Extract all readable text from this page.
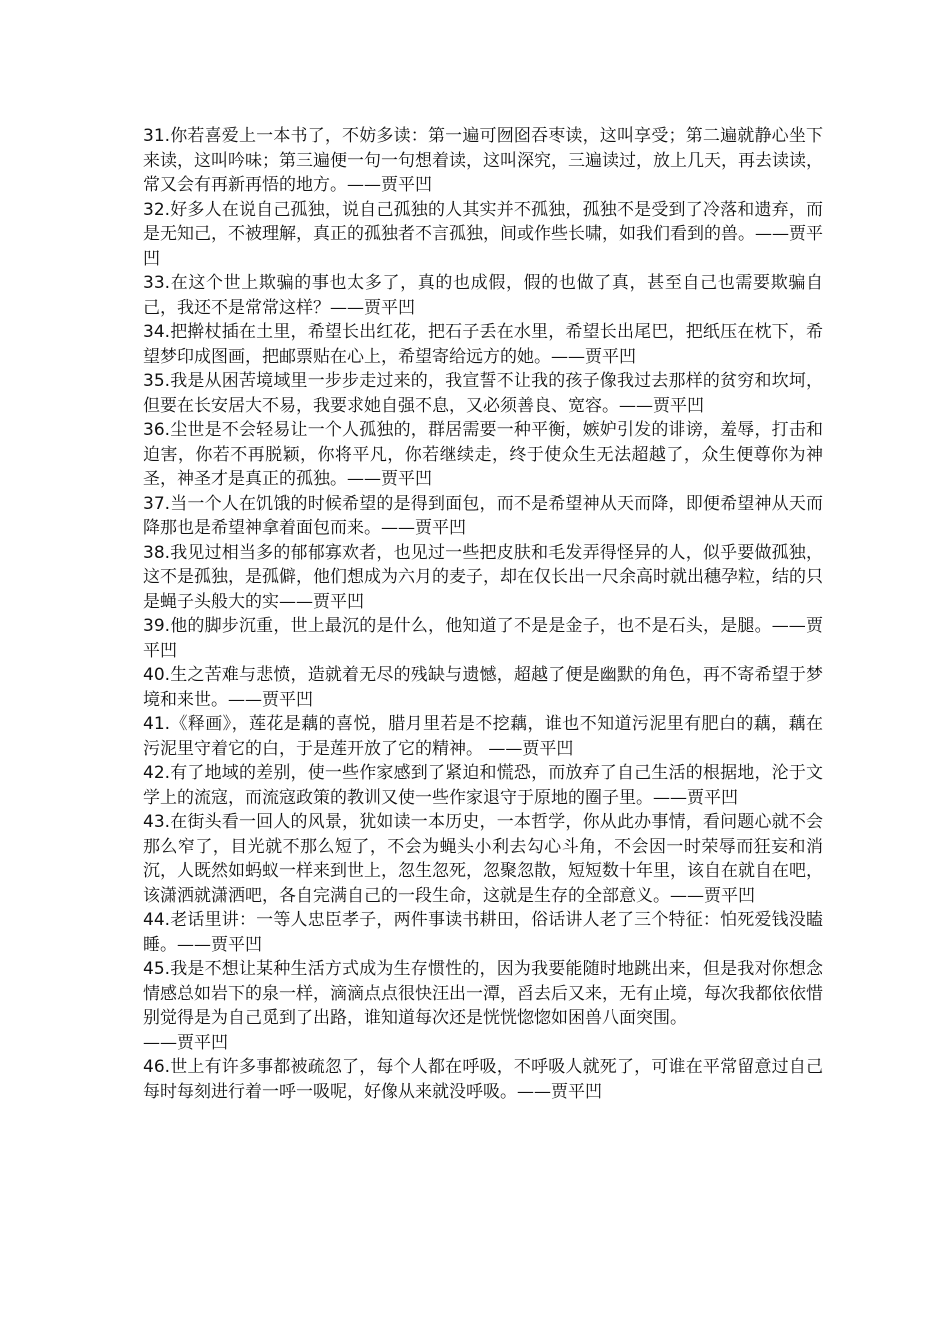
31.你若喜爱上一本书了，不妨多读：第一遍可囫囵吞枣读，这叫享受；第二遍就静心坐下来读，这叫吟味；第三遍便一句一句想着读，这叫深究，三遍读过，放上几天，再去读读，常又会有再新再悟的地方。——贾平凹

32.好多人在说自己孤独，说自己孤独的人其实并不孤独，孤独不是受到了冷落和遗弃，而是无知己，不被理解，真正的孤独者不言孤独，间或作些长啸，如我们看到的兽。——贾平凹

33.在这个世上欺骗的事也太多了，真的也成假，假的也做了真，甚至自己也需要欺骗自己，我还不是常常这样？——贾平凹

34.把擀杖插在土里，希望长出红花，把石子丢在水里，希望长出尾巴，把纸压在枕下，希望梦印成图画，把邮票贴在心上，希望寄给远方的她。——贾平凹

35.我是从困苦境域里一步步走过来的，我宣誓不让我的孩子像我过去那样的贫穷和坎坷，但要在长安居大不易，我要求她自强不息，又必须善良、宽容。——贾平凹

36.尘世是不会轻易让一个人孤独的，群居需要一种平衡，嫉妒引发的诽谤，羞辱，打击和迫害，你若不再脱颖，你将平凡，你若继续走，终于使众生无法超越了，众生便尊你为神圣，神圣才是真正的孤独。——贾平凹

37.当一个人在饥饿的时候希望的是得到面包，而不是希望神从天而降，即便希望神从天而降那也是希望神拿着面包而来。——贾平凹

38.我见过相当多的郁郁寡欢者，也见过一些把皮肤和毛发弄得怪异的人，似乎要做孤独，这不是孤独，是孤僻，他们想成为六月的麦子，却在仅长出一尺余高时就出穗孕粒，结的只是蝇子头般大的实——贾平凹

39.他的脚步沉重，世上最沉的是什么，他知道了不是是金子，也不是石头，是腿。——贾平凹

40.生之苦难与悲愤，造就着无尽的残缺与遗憾，超越了便是幽默的角色，再不寄希望于梦境和来世。——贾平凹

41.《释画》，莲花是藕的喜悦，腊月里若是不挖藕，谁也不知道污泥里有肥白的藕，藕在污泥里守着它的白，于是莲开放了它的精神。 ——贾平凹

42.有了地域的差别，使一些作家感到了紧迫和慌恐，而放弃了自己生活的根据地，沦于文学上的流寇，而流寇政策的教训又使一些作家退守于原地的圈子里。——贾平凹

43.在街头看一回人的风景，犹如读一本历史，一本哲学，你从此办事情，看问题心就不会那么窄了，目光就不那么短了，不会为蝇头小利去勾心斗角，不会因一时荣辱而狂妄和消沉，人既然如蚂蚁一样来到世上，忽生忽死，忽聚忽散，短短数十年里，该自在就自在吧，该潇洒就潇洒吧，各自完满自己的一段生命，这就是生存的全部意义。——贾平凹

44.老话里讲：一等人忠臣孝子，两件事读书耕田，俗话讲人老了三个特征：怕死爱钱没瞌睡。——贾平凹

45.我是不想让某种生活方式成为生存惯性的，因为我要能随时地跳出来，但是我对你想念情感总如岩下的泉一样，滴滴点点很快汪出一潭，舀去后又来，无有止境，每次我都依依惜别觉得是为自己觅到了出路，谁知道每次还是恍恍惚惚如困兽八面突围。
——贾平凹

46.世上有许多事都被疏忽了，每个人都在呼吸，不呼吸人就死了，可谁在平常留意过自己每时每刻进行着一呼一吸呢，好像从来就没呼吸。——贾平凹
